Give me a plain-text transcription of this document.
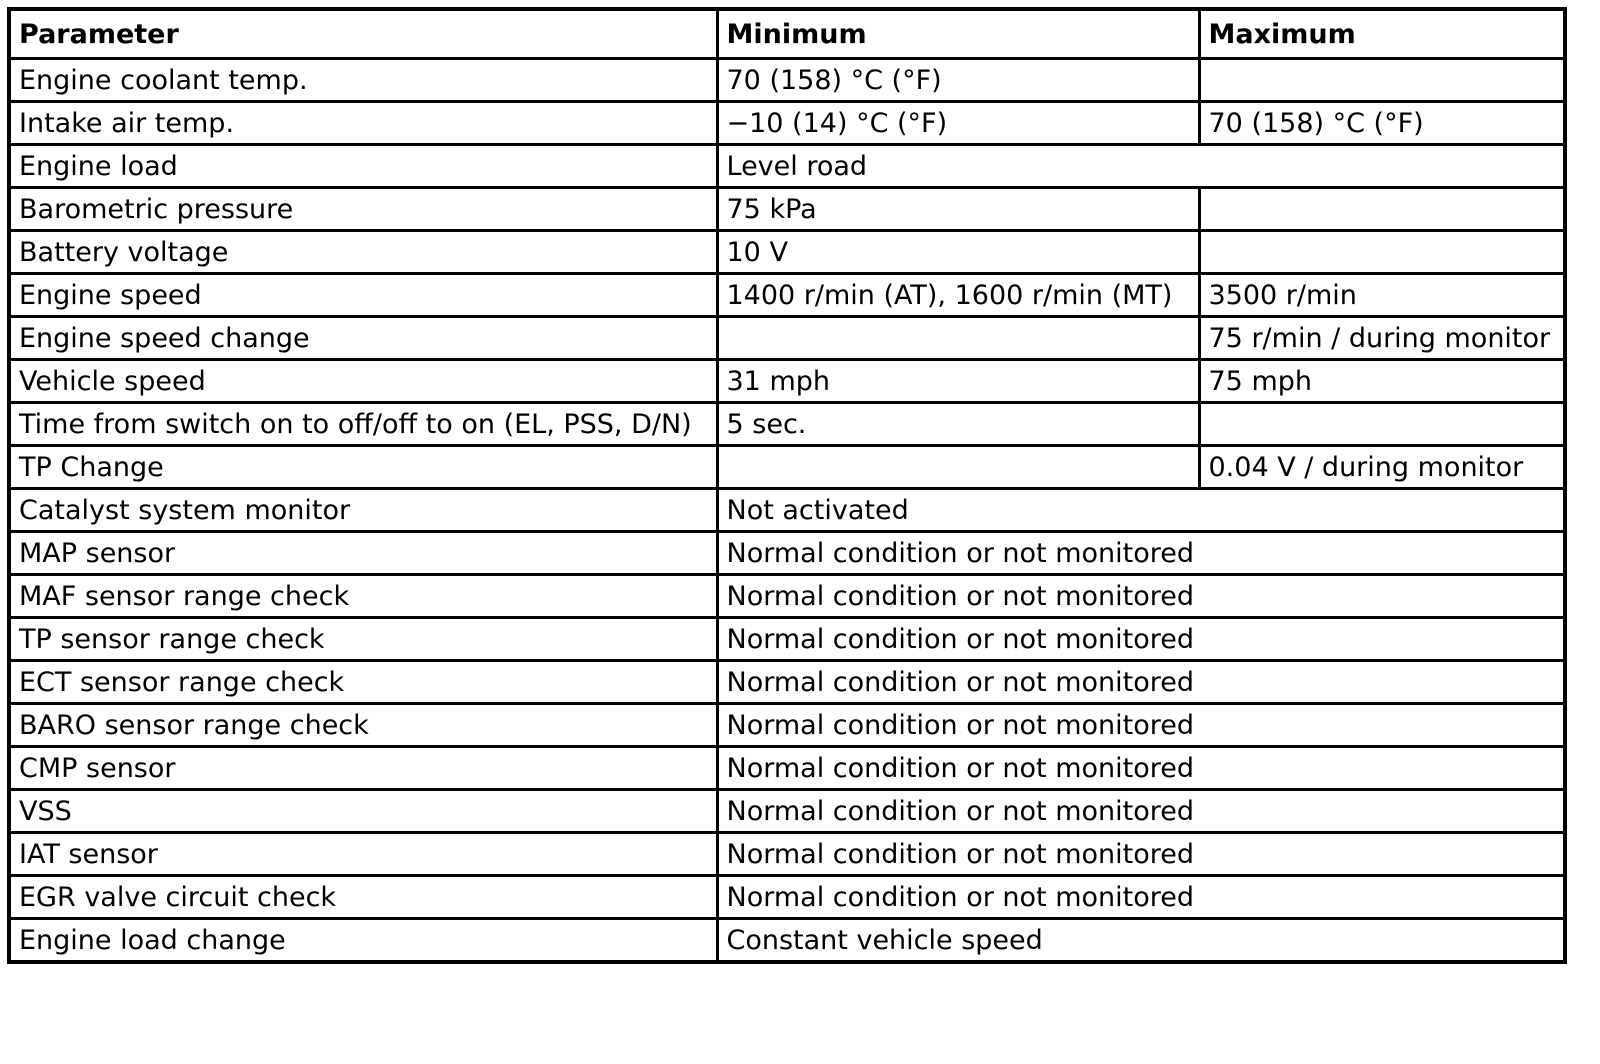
Parameter	Minimum	Maximum
Engine coolant temp.	70 (158) °C (°F)	
Intake air temp.	−10 (14) °C (°F)	70 (158) °C (°F)
Engine load	Level road	
Barometric pressure	75 kPa	
Battery voltage	10 V	
Engine speed	1400 r/min (AT), 1600 r/min (MT)	3500 r/min
Engine speed change		75 r/min / during monitor
Vehicle speed	31 mph	75 mph
Time from switch on to off/off to on (EL, PSS, D/N)	5 sec.	
TP Change		0.04 V / during monitor
Catalyst system monitor	Not activated	
MAP sensor	Normal condition or not monitored	
MAF sensor range check	Normal condition or not monitored	
TP sensor range check	Normal condition or not monitored	
ECT sensor range check	Normal condition or not monitored	
BARO sensor range check	Normal condition or not monitored	
CMP sensor	Normal condition or not monitored	
VSS	Normal condition or not monitored	
IAT sensor	Normal condition or not monitored	
EGR valve circuit check	Normal condition or not monitored	
Engine load change	Constant vehicle speed	
